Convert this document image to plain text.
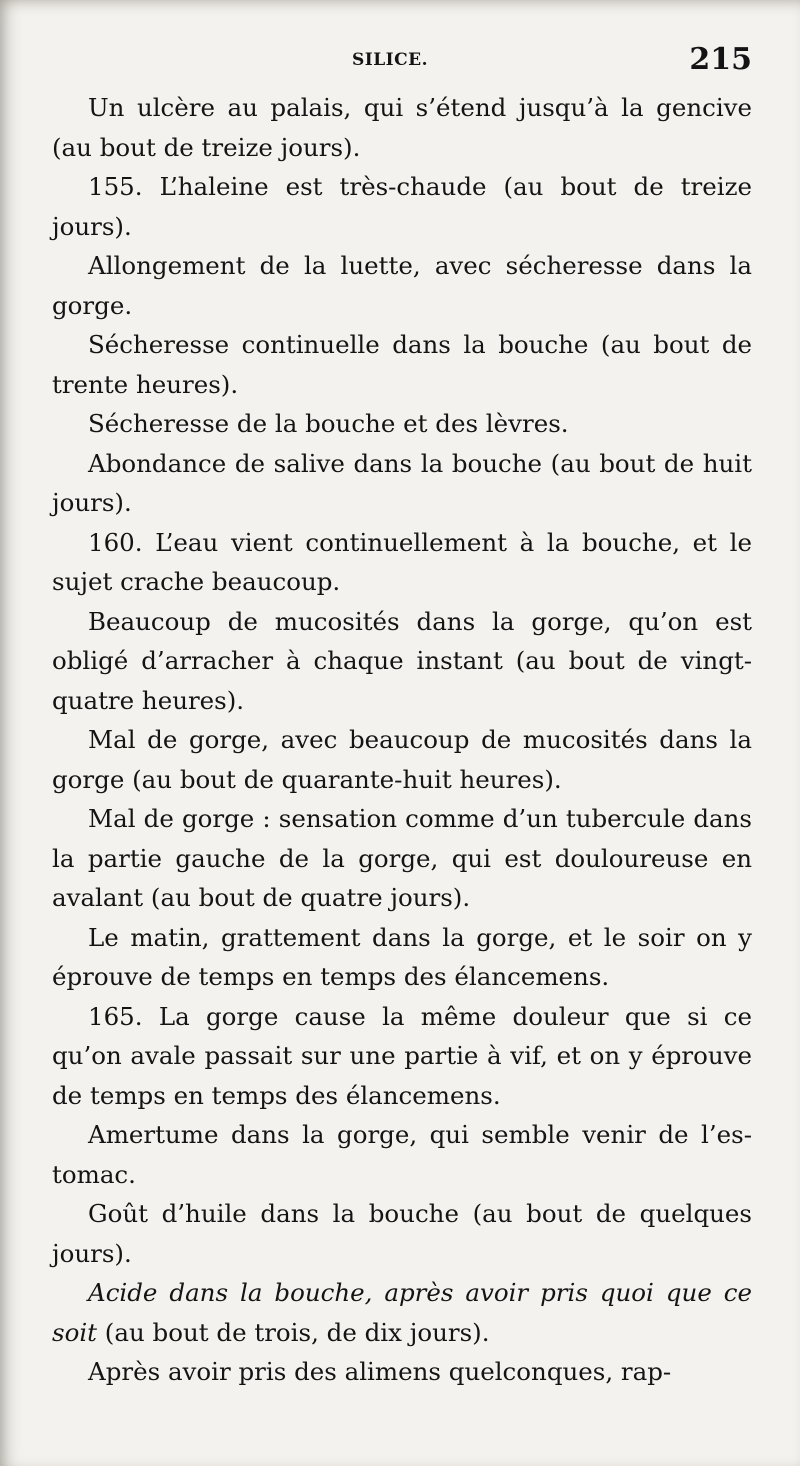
SILICE.	215

Un ulcère au palais, qui s’étend jusqu’à la gencive (au bout de treize jours).

155. L’haleine est très-chaude (au bout de treize jours).

Allongement de la luette, avec sécheresse dans la gorge.

Sécheresse continuelle dans la bouche (au bout de trente heures).

Sécheresse de la bouche et des lèvres.

Abondance de salive dans la bouche (au bout de huit jours).

160. L’eau vient continuellement à la bouche, et le sujet crache beaucoup.

Beaucoup de mucosités dans la gorge, qu’on est obligé d’arracher à chaque instant (au bout de vingt-quatre heures).

Mal de gorge, avec beaucoup de mucosités dans la gorge (au bout de quarante-huit heures).

Mal de gorge : sensation comme d’un tubercule dans la partie gauche de la gorge, qui est douloureuse en avalant (au bout de quatre jours).

Le matin, grattement dans la gorge, et le soir on y éprouve de temps en temps des élancemens.

165. La gorge cause la même douleur que si ce qu’on avale passait sur une partie à vif, et on y éprouve de temps en temps des élancemens.

Amertume dans la gorge, qui semble venir de l’estomac.

Goût d’huile dans la bouche (au bout de quelques jours).

Acide dans la bouche, après avoir pris quoi que ce soit (au bout de trois, de dix jours).

Après avoir pris des alimens quelconques, rap-
